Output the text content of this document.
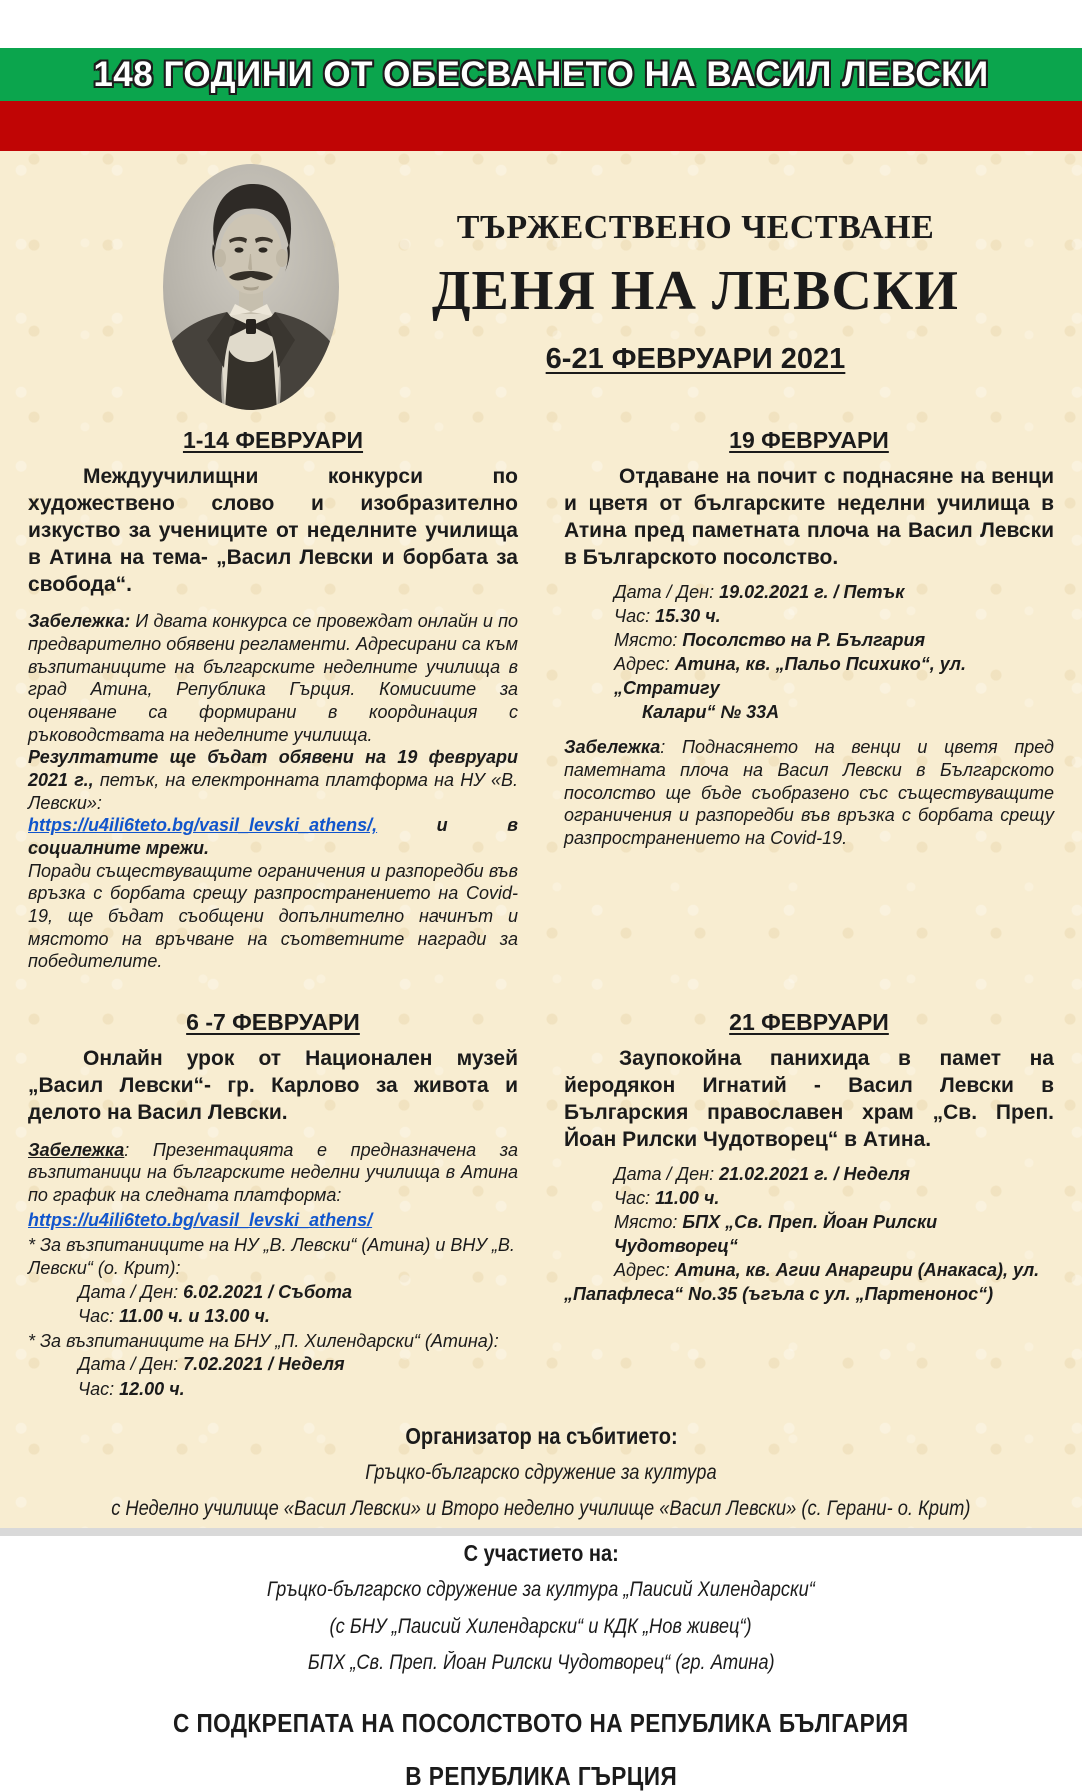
148 ГОДИНИ ОТ ОБЕСВАНЕТО НА ВАСИЛ ЛЕВСКИ
ТЪРЖЕСТВЕНО ЧЕСТВАНЕ
ДЕНЯ НА ЛЕВСКИ
6-21 ФЕВРУАРИ 2021
1-14 ФЕВРУАРИ

Междуучилищни конкурси по художествено слово и изобразително изкуство за учениците от неделните училища в Атина на тема- „Васил Левски и борбата за свобода“.

Забележка: И двата конкурса се провеждат онлайн и по предварително обявени регламенти. Адресирани са към възпитаниците на българските неделните училища в град Атина, Република Гърция. Комисиите за оценяване са формирани в координация с ръководствата на неделните училища.

Резултатите ще бъдат обявени на 19 февруари 2021 г., петък, на електронната платформа на НУ «В. Левски»:
https://u4ili6teto.bg/vasil_levski_athens/, и в социалните мрежи.
Поради съществуващите ограничения и разпоредби във връзка с борбата срещу разпространението на Covid-19, ще бъдат съобщени допълнително начинът и мястото на връчване на съответните награди за победителите.

19 ФЕВРУАРИ

Отдаване на почит с поднасяне на венци и цветя от българските неделни училища в Атина пред паметната плоча на Васил Левски в Българското посолство.

Дата / Ден: 19.02.2021 г. / Петък
Час: 15.30 ч.
Място: Посолство на Р. България
Адрес: Атина, кв. „Пальо Психико“, ул. „Стратигу
Калари“ № 33А

Забележка: Поднасянето на венци и цветя пред паметната плоча на Васил Левски в Българското посолство ще бъде съобразено със съществуващите ограничения и разпоредби във връзка с борбата срещу разпространението на Covid-19.

6 -7 ФЕВРУАРИ

Онлайн урок от Национален музей „Васил Левски“- гр. Карлово за живота и делото на Васил Левски.

Забележка: Презентацията е предназначена за възпитаници на българските неделни училища в Атина по график на следната платформа:

https://u4ili6teto.bg/vasil_levski_athens/

* За възпитаниците на НУ „В. Левски“ (Атина) и ВНУ „В. Левски“ (о. Крит):

Дата / Ден: 6.02.2021 / Събота
Час: 11.00 ч. и 13.00 ч.

* За възпитаниците на БНУ „П. Хилендарски“ (Атина):

Дата / Ден: 7.02.2021 / Неделя
Час: 12.00 ч.
21 ФЕВРУАРИ

Заупокойна панихида в памет на йеродякон Игнатий - Васил Левски в Българския православен храм „Св. Преп. Йоан Рилски Чудотворец“ в Атина.

Дата / Ден: 21.02.2021 г. / Неделя
Час: 11.00 ч.
Място: БПХ „Св. Преп. Йоан Рилски Чудотворец“
Адрес: Атина, кв. Агии Анаргири (Анакаса), ул.
„Папафлеса“ No.35 (ъгъла с ул. „Партенонос“)
Организатор на събитието:
Гръцко-българско сдружение за култура
с Неделно училище «Васил Левски» и Второ неделно училище «Васил Левски» (с. Герани- о. Крит)
С участието на:
Гръцко-българско сдружение за култура „Паисий Хилендарски“
(с БНУ „Паисий Хилендарски“ и КДК „Нов живец“)
БПХ „Св. Преп. Йоан Рилски Чудотворец“ (гр. Атина)
С ПОДКРЕПАТА НА ПОСОЛСТВОТО НА РЕПУБЛИКА БЪЛГАРИЯ
В РЕПУБЛИКА ГЪРЦИЯ
